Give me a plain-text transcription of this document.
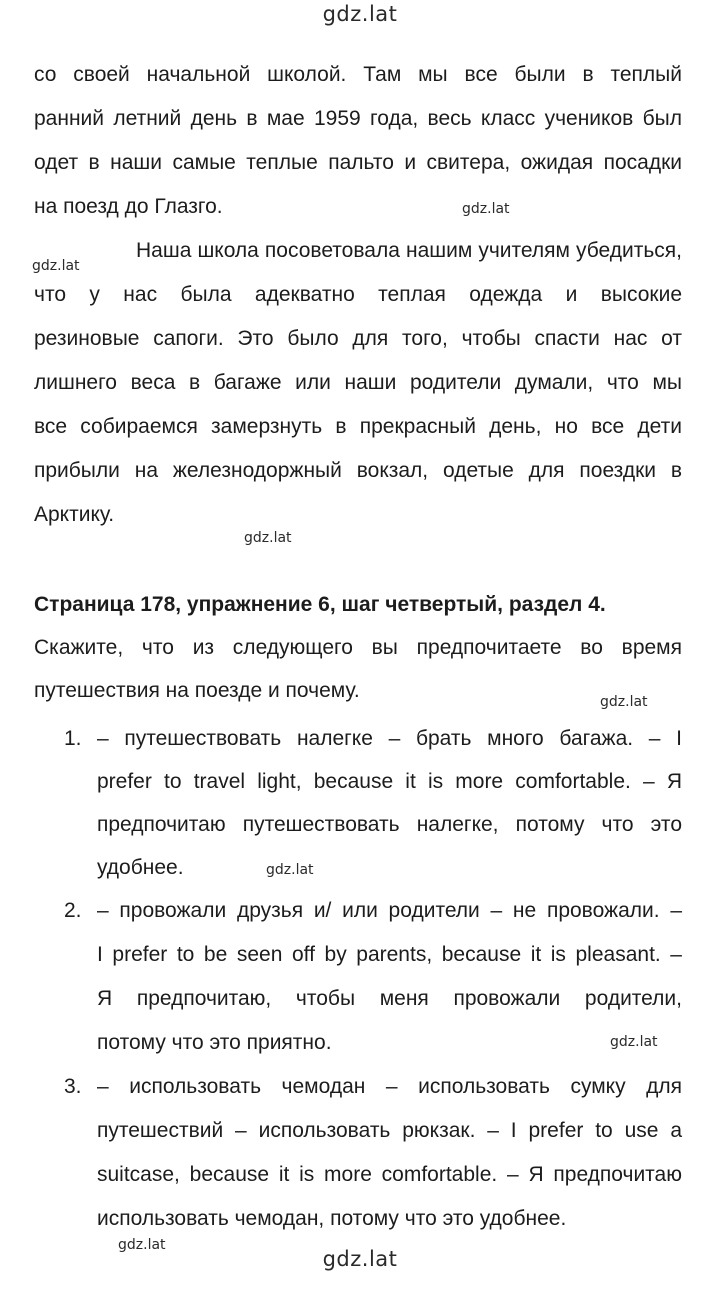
gdz.lat
со своей начальной школой. Там мы все были в теплый
ранний летний день в мае 1959 года, весь класс учеников был
одет в наши самые теплые пальто и свитера, ожидая посадки
на поезд до Глазго.	gdz.lat
gdz.lat
Наша школа посоветовала нашим учителям убедиться,
что у нас была адекватно теплая одежда и высокие
резиновые сапоги. Это было для того, чтобы спасти нас от
лишнего веса в багаже или наши родители думали, что мы
все собираемся замерзнуть в прекрасный день, но все дети
прибыли на железнодоржный вокзал, одетые для поездки в
Арктику.
gdz.lat
Страница 178, упражнение 6, шаг четвертый, раздел 4.
Скажите, что из следующего вы предпочитаете во время
путешествия на поезде и почему.	gdz.lat
1. – путешествовать налегке – брать много багажа. – I
prefer to travel light, because it is more comfortable. – Я
предпочитаю путешествовать налегке, потому что это
удобнее.	gdz.lat
2. – провожали друзья и/ или родители – не провожали. –
I prefer to be seen off by parents, because it is pleasant. –
Я предпочитаю, чтобы меня провожали родители,
потому что это приятно.	gdz.lat
3. – использовать чемодан – использовать сумку для
путешествий – использовать рюкзак. – I prefer to use a
suitcase, because it is more comfortable. – Я предпочитаю
использовать чемодан, потому что это удобнее.
gdz.lat
gdz.lat
